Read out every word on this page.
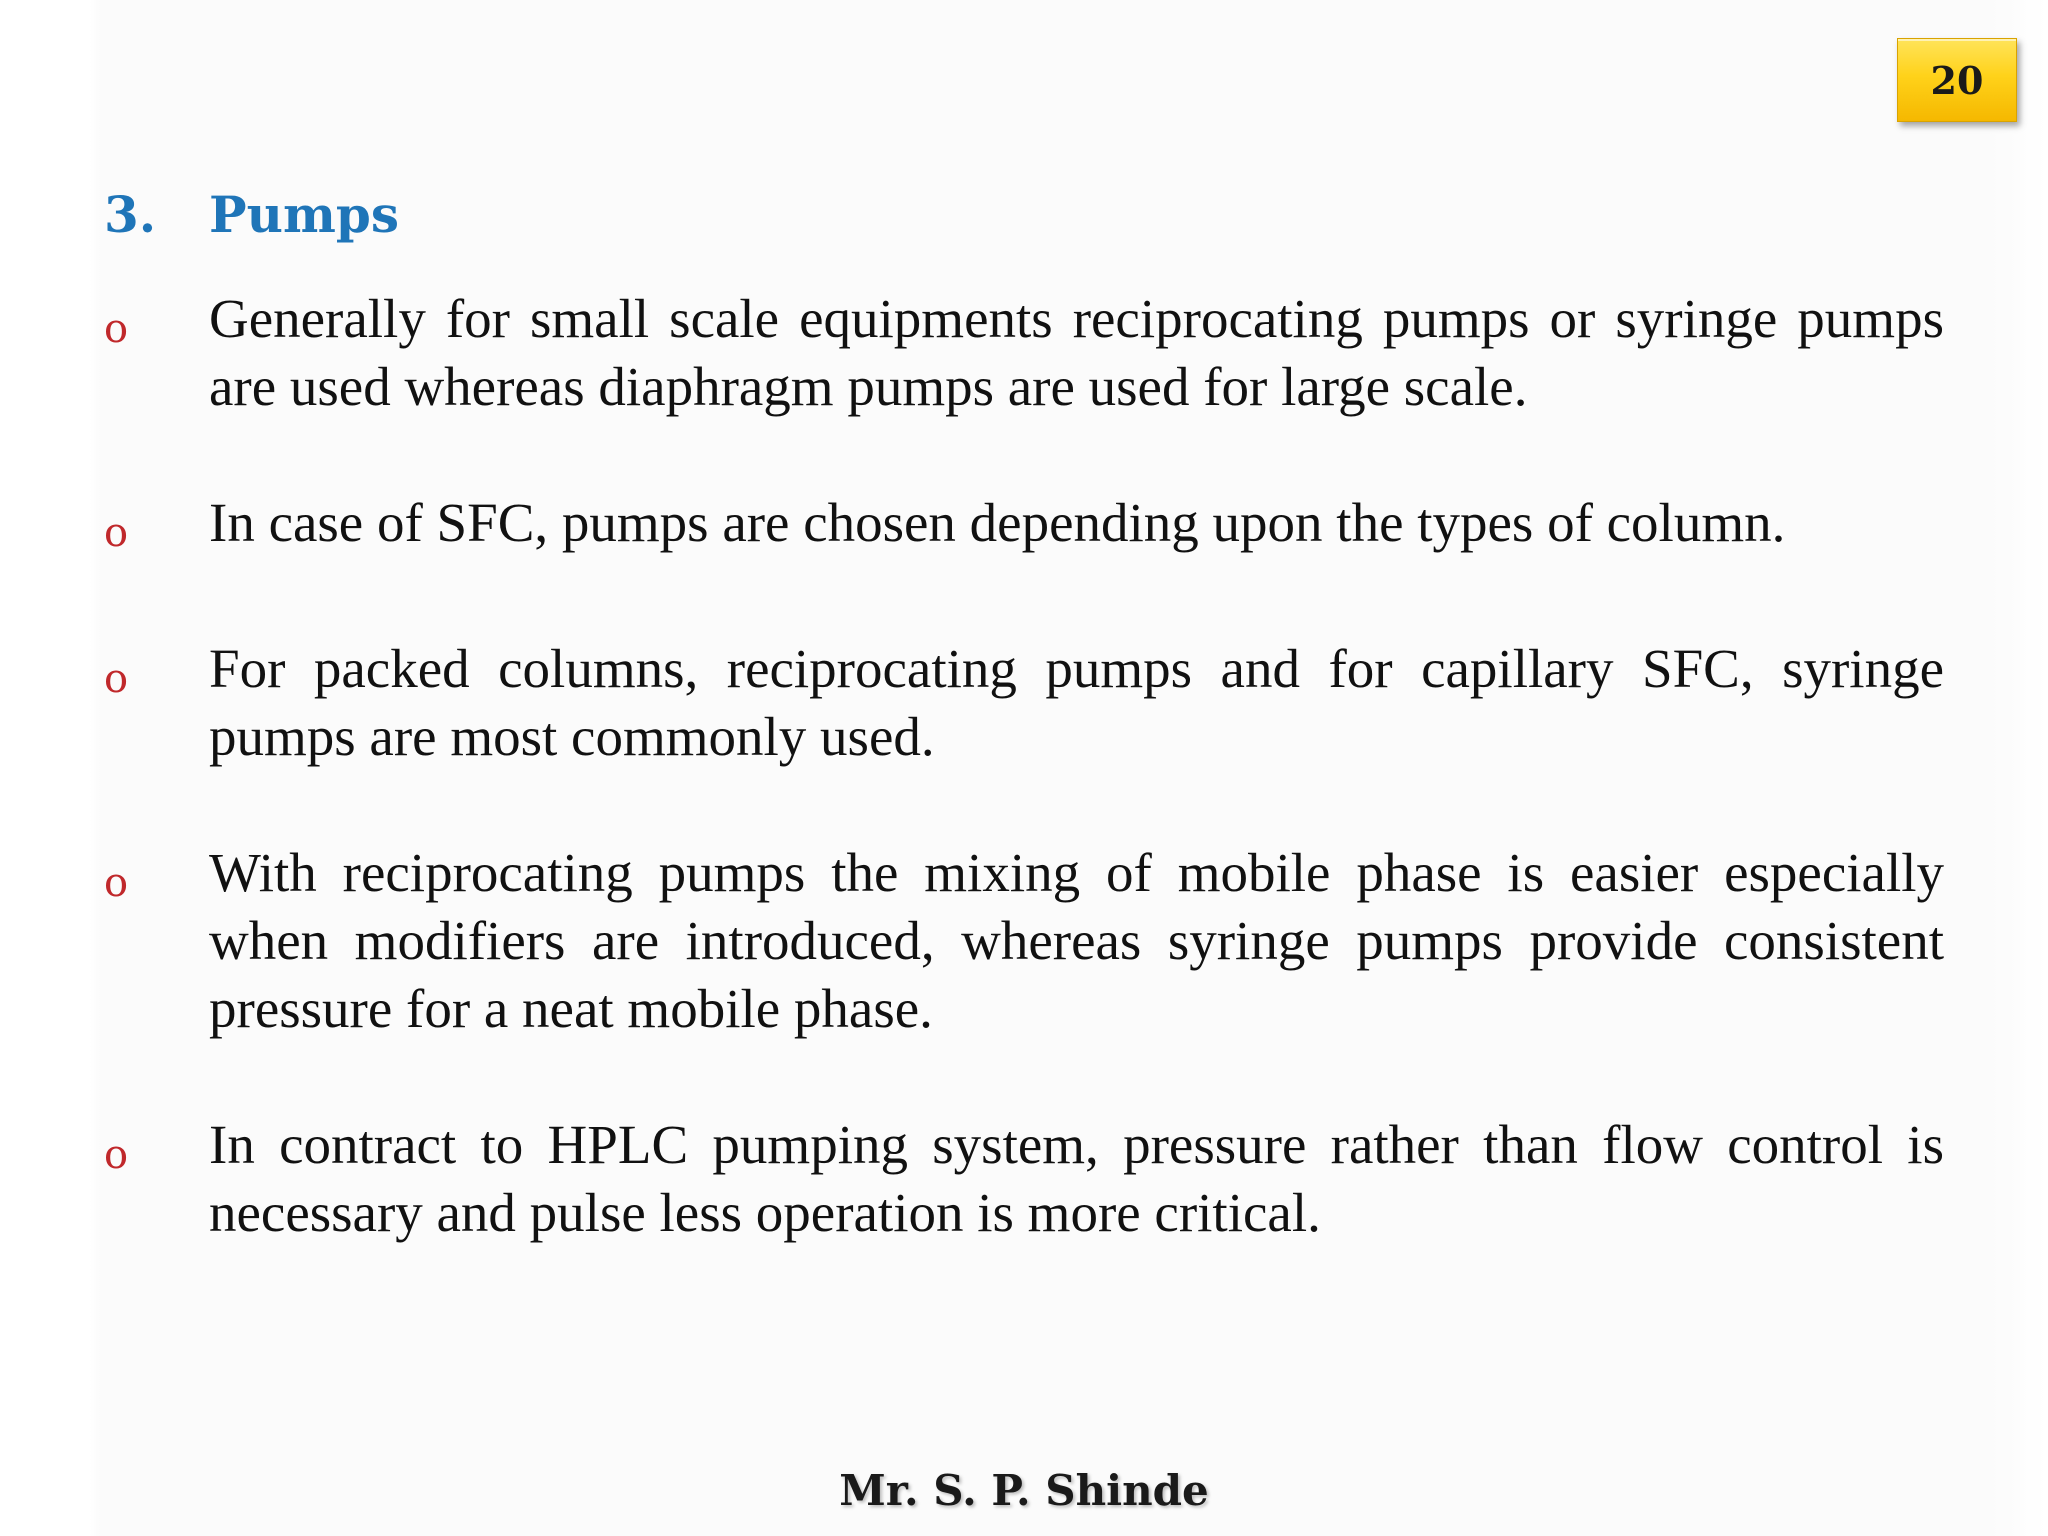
20
3.	Pumps
o	Generally for small scale equipments reciprocating pumps or syringe pumps are used whereas diaphragm pumps are used for large scale.
o	In case of SFC, pumps are chosen depending upon the types of column.
o	For packed columns, reciprocating pumps and for capillary SFC, syringe pumps are most commonly used.
o	With reciprocating pumps the mixing of mobile phase is easier especially when modifiers are introduced, whereas syringe pumps provide consistent pressure for a neat mobile phase.
o	In contract to HPLC pumping system, pressure rather than flow control is necessary and pulse less operation is more critical.
Mr. S. P. Shinde
